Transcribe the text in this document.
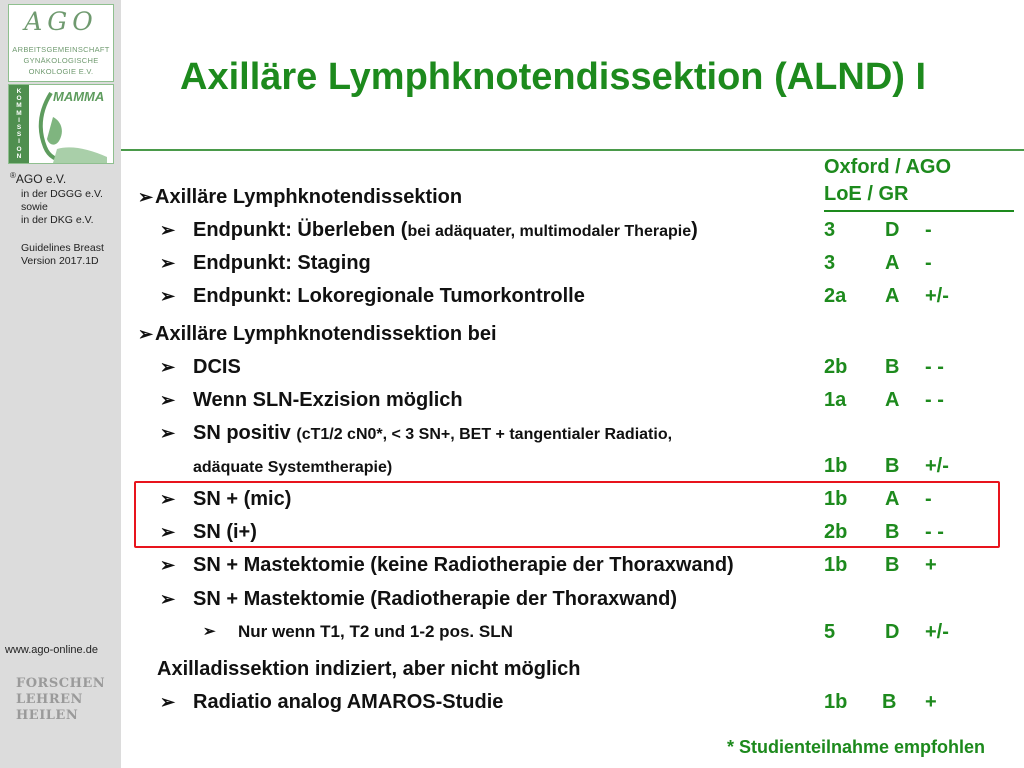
AGO
ARBEITSGEMEINSCHAFT
GYNÄKOLOGISCHE
ONKOLOGIE E.V.
K
O
M
M
I
S
S
I
O
N
MAMMA
®AGO e.V.
in der DGGG e.V.
sowie
in der DKG e.V.
Guidelines Breast
Version 2017.1D
www.ago-online.de
FORSCHEN
LEHREN
HEILEN
Axilläre Lymphknotendissektion (ALND) I
Oxford / AGO
LoE / GR
➢ Axilläre Lymphknotendissektion
➢ Endpunkt: Überleben (bei adäquater, multimodaler Therapie)
➢ Endpunkt: Staging
➢ Endpunkt: Lokoregionale Tumorkontrolle
➢ Axilläre Lymphknotendissektion bei
➢ DCIS
➢ Wenn SLN-Exzision möglich
➢ SN positiv (cT1/2 cN0*, < 3 SN+, BET + tangentialer Radiatio,
adäquate Systemtherapie)
➢ SN + (mic)
➢ SN (i+)
➢ SN + Mastektomie (keine Radiotherapie der Thoraxwand)
➢ SN + Mastektomie (Radiotherapie der Thoraxwand)
➢ Nur wenn T1, T2 und 1-2 pos. SLN
Axilladissektion indiziert, aber nicht möglich
➢ Radiatio analog AMAROS-Studie
3 D -
3 A -
2a A +/-
2b B - -
1a A - -
1b B +/-
1b A -
2b B - -
1b B +
5 D +/-
1b B +
* Studienteilnahme empfohlen
